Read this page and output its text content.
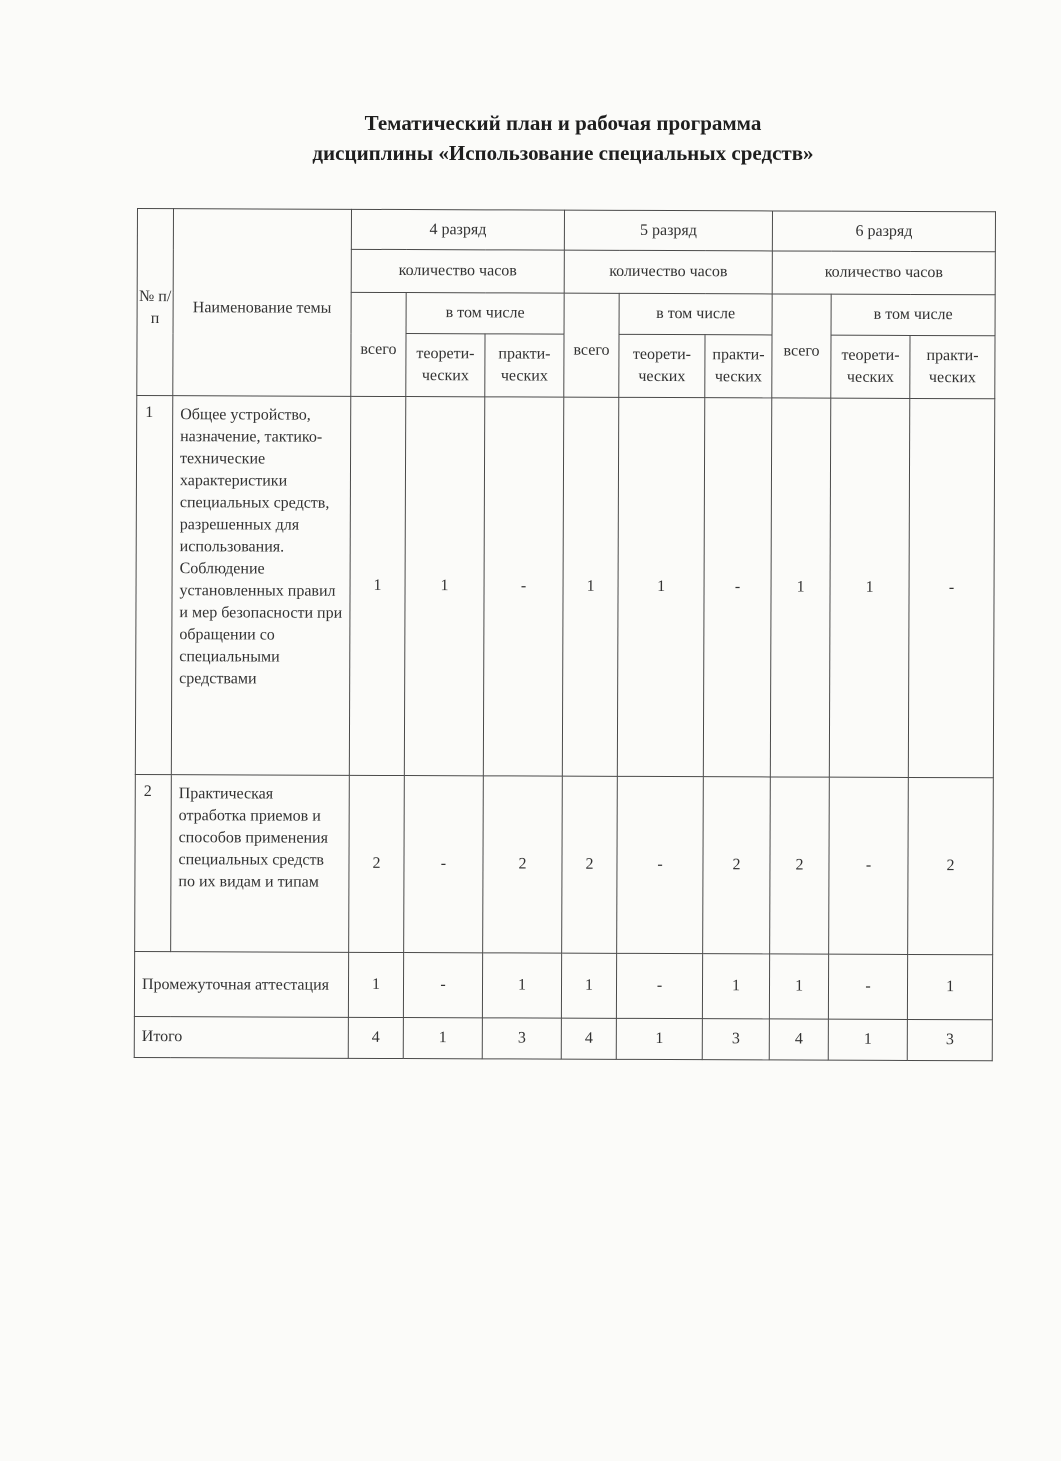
Тематический план и рабочая программа
дисциплины «Использование специальных средств»
№ п/п	Наименование темы	4 разряд			5 разряд			6 разряд		
		количество часов			количество часов			количество часов		
		всего	в том числе		всего	в том числе		всего	в том числе	
			теорети-ческих	практи-ческих		теорети-ческих	практи-ческих		теорети-ческих	практи-ческих
1	Общее устройство, назначение, тактико-технические характеристики специальных средств, разрешенных для использования. Соблюдение установленных правил и мер безопасности при обращении со специальными средствами	1	1	-	1	1	-	1	1	-
2	Практическая отработка приемов и способов применения специальных средств по их видам и типам	2	-	2	2	-	2	2	-	2
Промежуточная аттестация		1	-	1	1	-	1	1	-	1
Итого		4	1	3	4	1	3	4	1	3
